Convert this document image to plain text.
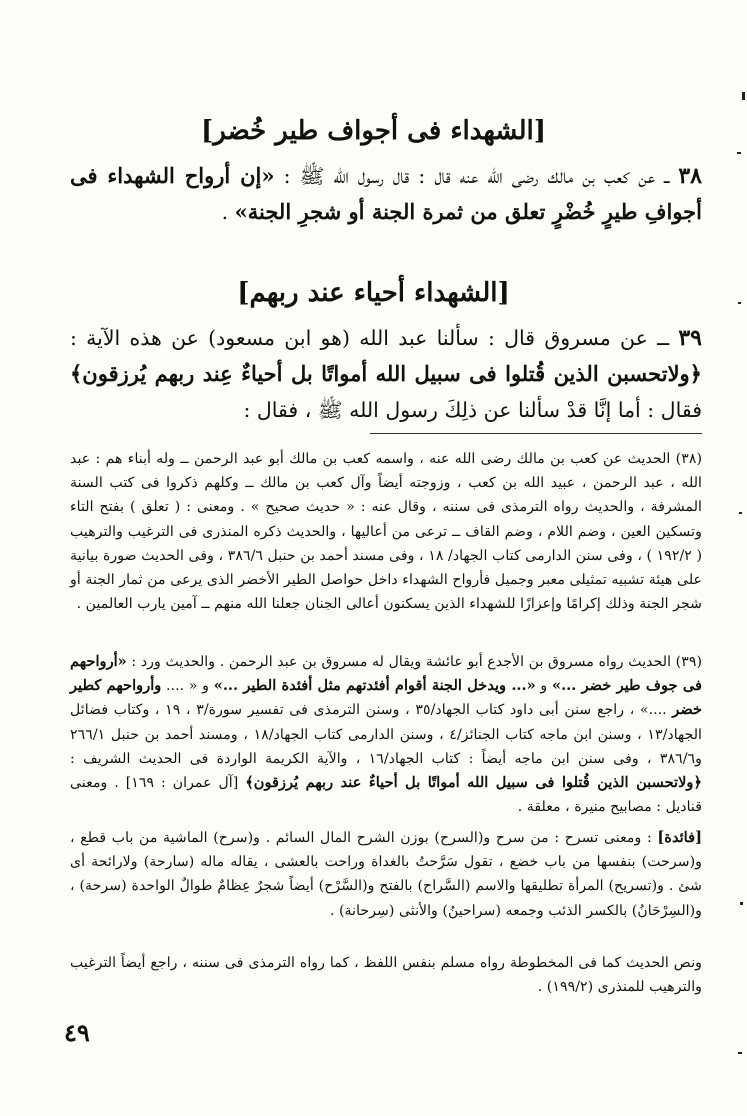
[الشهداء فى أجواف طير خُضر]
٣٨ ــ عن كعب بن مالك رضى الله عنه قال : قال رسول الله ﷺ : «إن أرواح الشهداء فى أجوافِ طيرٍ خُضْرٍ تعلق من ثمرة الجنة أو شجرِ الجنة» .
[الشهداء أحياء عند ربهم]
٣٩ ــ عن مسروق قال : سألنا عبد الله (هو ابن مسعود) عن هذه الآية : ﴿ولاتحسبن الذين قُتلوا فى سبيل الله أمواتًا بل أحياءٌ عِند ربهم يُرزقون﴾ فقال : أما إنَّا قدْ سألنا عن ذلِكَ رسول الله ﷺ ، فقال :
(٣٨) الحديث عن كعب بن مالك رضى الله عنه ، واسمه كعب بن مالك أبو عبد الرحمن ــ وله أبناء هم : عبد الله ، عبد الرحمن ، عبيد الله بن كعب ، وزوجته أيضاً وآل كعب بن مالك ــ وكلهم ذكروا فى كتب السنة المشرفة ، والحديث رواه الترمذى فى سننه ، وقال عنه : « حديث صحيح » . ومعنى : ( تعلق ) بفتح التاء وتسكين العين ، وضم اللام ، وضم القاف ــ ترعى من أعاليها ، والحديث ذكره المنذرى فى الترغيب والترهيب ( ١٩٢/٢ ) ، وفى سنن الدارمى كتاب الجهاد/ ١٨ ، وفى مسند أحمد بن حنبل ٣٨٦/٦ ، وفى الحديث صورة بيانية على هيئة تشبيه تمثيلى معبر وجميل فأرواح الشهداء داخل حواصل الطير الأخضر الذى يرعى من ثمار الجنة أو شجر الجنة وذلك إكرامًا وإعزازًا للشهداء الذين يسكنون أعالى الجنان جعلنا الله منهم ــ آمين يارب العالمين .
(٣٩) الحديث رواه مسروق بن الأجدع أبو عائشة ويقال له مسروق بن عبد الرحمن . والحديث ورد : «أرواحهم فى جوف طير خضر ...» و «... ويدخل الجنة أقوام أفئدتهم مثل أفئدة الطير ...» و « .... وأرواحهم كطير خضر ....» ، راجع سنن أبى داود كتاب الجهاد/٣٥ ، وسنن الترمذى فى تفسير سورة/٣ ، ١٩ ، وكتاب فضائل الجهاد/١٣ ، وسنن ابن ماجه كتاب الجنائز/٤ ، وسنن الدارمى كتاب الجهاد/١٨ ، ومسند أحمد بن حنبل ٢٦٦/١ و٣٨٦/٦ ، وفى سنن ابن ماجه أيضاً : كتاب الجهاد/١٦ ، والآية الكريمة الواردة فى الحديث الشريف : ﴿ولاتحسبن الذين قُتلوا فى سبيل الله أمواتًا بل أحياءٌ عند ربهم يُرزقون﴾ [آل عمران : ١٦٩] . ومعنى قناديل : مصابيح منيرة ، معلقة .
[فائدة] : ومعنى تسرح : من سرح و(السرح) بوزن الشرح المال السائم . و(سرح) الماشية من باب قطع ، و(سرحت) بنفسها من باب خضع ، تقول سَرَّحتُ بالغداة وراحت بالعشى ، يقاله ماله (سارحة) ولارائحة أى شئ . و(تسريح) المرأة تطليقها والاسم (السَّراح) بالفتح و(السَّرْح) أيضاً شجرٌ عِظامٌ طوالٌ الواحدة (سرحة) ، و(السِرْحَانُ) بالكسر الذئب وجمعه (سراحينُ) والأنثى (سِرحانة) .
ونص الحديث كما فى المخطوطة رواه مسلم بنفس اللفظ ، كما رواه الترمذى فى سننه ، راجع أيضاً الترغيب والترهيب للمنذرى (١٩٩/٢) .
٤٩
